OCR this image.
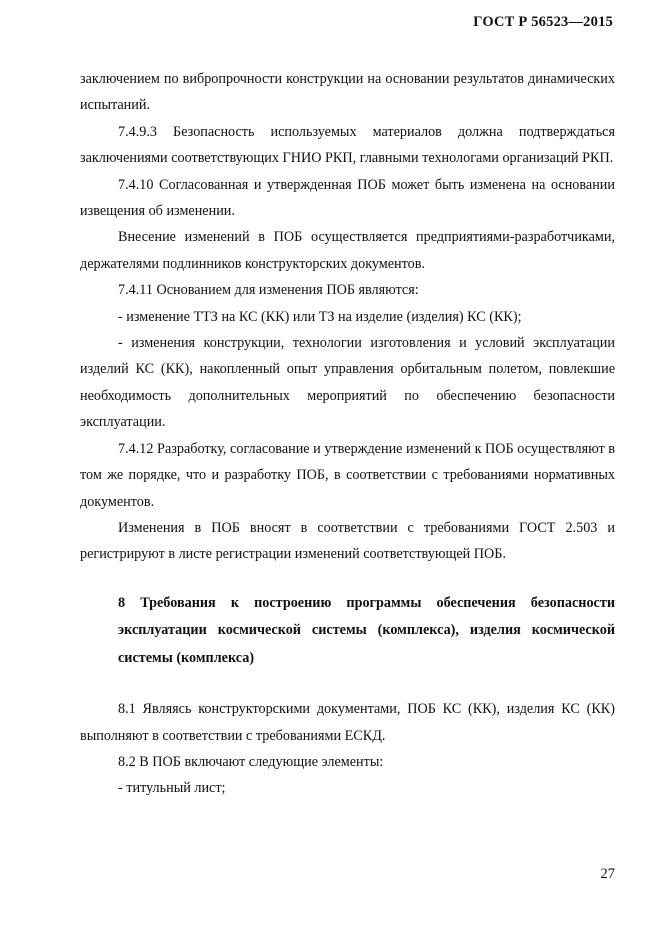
ГОСТ Р 56523—2015

заключением по вибропрочности конструкции на основании результатов динамических испытаний.

7.4.9.3 Безопасность используемых материалов должна подтверждаться заключениями соответствующих ГНИО РКП, главными технологами организаций РКП.

7.4.10 Согласованная и утвержденная ПОБ может быть изменена на основании извещения об изменении.

Внесение изменений в ПОБ осуществляется предприятиями-разработчиками, держателями подлинников конструкторских документов.

7.4.11 Основанием для изменения ПОБ являются:

- изменение ТТЗ на КС (КК) или ТЗ на изделие (изделия) КС (КК);

- изменения конструкции, технологии изготовления и условий эксплуатации изделий КС (КК), накопленный опыт управления орбитальным полетом, повлекшие необходимость дополнительных мероприятий по обеспечению безопасности эксплуатации.

7.4.12 Разработку, согласование и утверждение изменений к ПОБ осуществляют в том же порядке, что и разработку ПОБ, в соответствии с требованиями нормативных документов.

Изменения в ПОБ вносят в соответствии с требованиями ГОСТ 2.503 и регистрируют в листе регистрации изменений соответствующей ПОБ.

8 Требования к построению программы обеспечения безопасности эксплуатации космической системы (комплекса), изделия космической системы (комплекса)

8.1 Являясь конструкторскими документами, ПОБ КС (КК), изделия КС (КК) выполняют в соответствии с требованиями ЕСКД.

8.2 В ПОБ включают следующие элементы:

- титульный лист;

27
